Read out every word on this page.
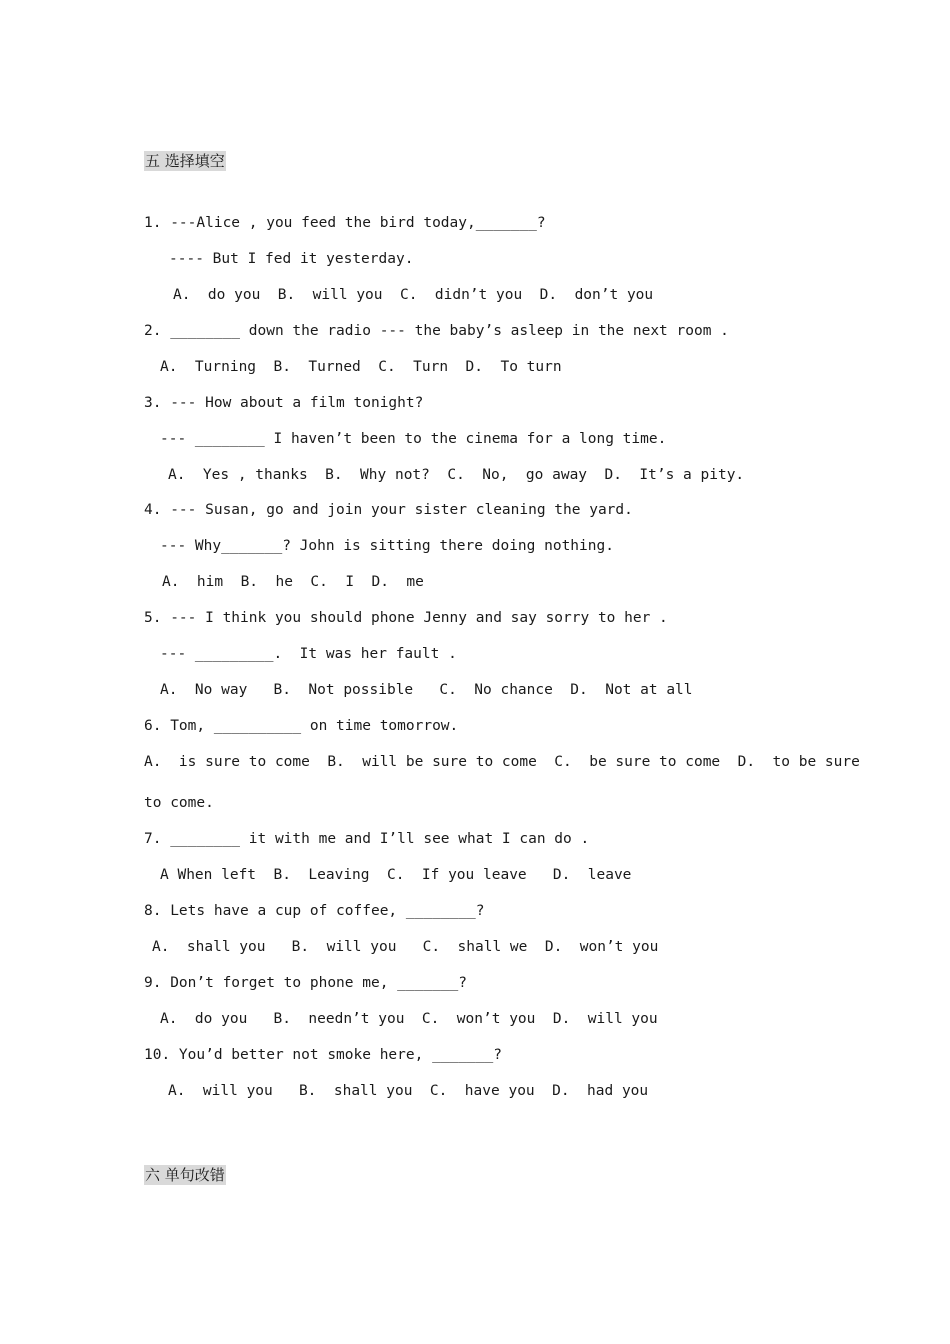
五 选择填空
1. ---Alice , you feed the bird today,_______?
---- But I fed it yesterday.
A.  do you  B.  will you  C.  didn’t you  D.  don’t you
2. ________ down the radio --- the baby’s asleep in the next room .
A.  Turning  B.  Turned  C.  Turn  D.  To turn
3. --- How about a film tonight?
--- ________ I haven’t been to the cinema for a long time.
A.  Yes , thanks  B.  Why not?  C.  No,  go away  D.  It’s a pity.
4. --- Susan, go and join your sister cleaning the yard.
--- Why_______? John is sitting there doing nothing.
A.  him  B.  he  C.  I  D.  me
5. --- I think you should phone Jenny and say sorry to her .
--- _________.  It was her fault .
A.  No way   B.  Not possible   C.  No chance  D.  Not at all
6. Tom, __________ on time tomorrow.
A.  is sure to come  B.  will be sure to come  C.  be sure to come  D.  to be sure
to come.
7. ________ it with me and I’ll see what I can do .
A When left  B.  Leaving  C.  If you leave   D.  leave
8. Lets have a cup of coffee, ________?
A.  shall you   B.  will you   C.  shall we  D.  won’t you
9. Don’t forget to phone me, _______?
A.  do you   B.  needn’t you  C.  won’t you  D.  will you
10. You’d better not smoke here, _______?
A.  will you   B.  shall you  C.  have you  D.  had you
六 单句改错
